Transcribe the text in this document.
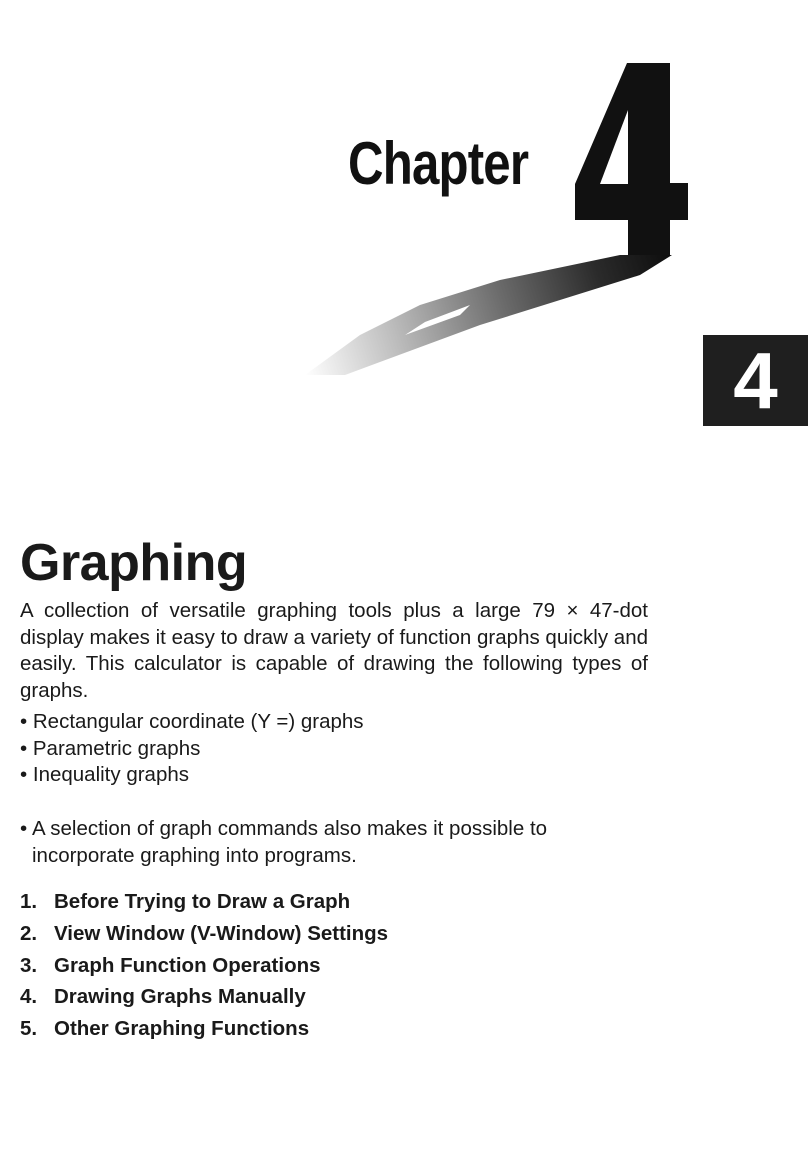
Chapter
4
Graphing

A collection of versatile graphing tools plus a large 79 × 47-dot display makes it easy to draw a variety of function graphs quickly and easily. This calculator is capable of drawing the following types of graphs.

• Rectangular coordinate (Y =) graphs
• Parametric graphs
• Inequality graphs
• A selection of graph commands also makes it possible to incorporate graphing into programs.
1. Before Trying to Draw a Graph
2. View Window (V-Window) Settings
3. Graph Function Operations
4. Drawing Graphs Manually
5. Other Graphing Functions
